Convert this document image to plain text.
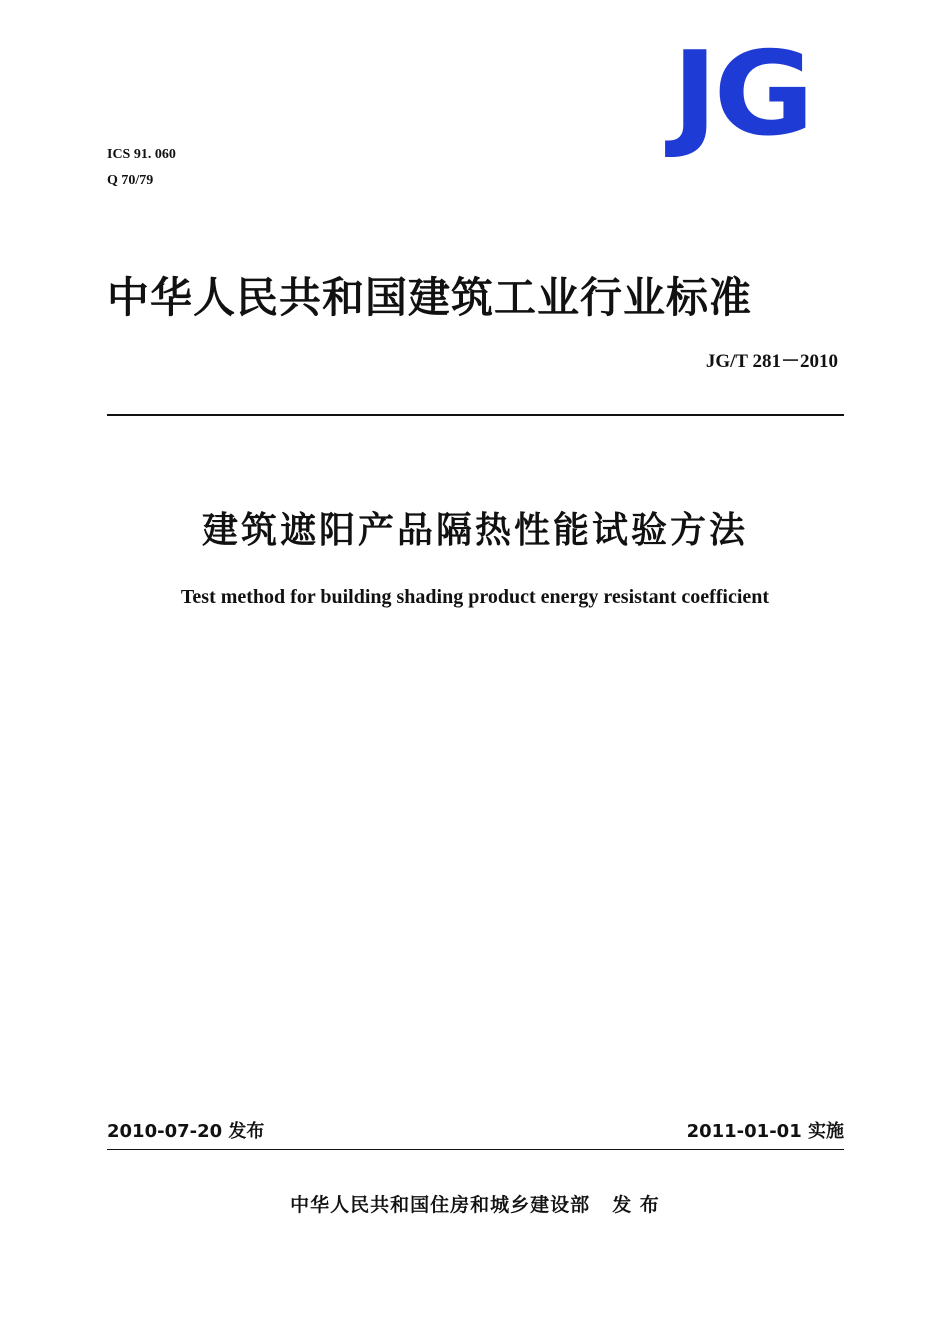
JG
ICS 91. 060
Q 70/79
中华人民共和国建筑工业行业标准
JG/T 281－2010
建筑遮阳产品隔热性能试验方法
Test method for building shading product energy resistant coefficient
2010-07-20 发布	2011-01-01 实施
中华人民共和国住房和城乡建设部 发 布
